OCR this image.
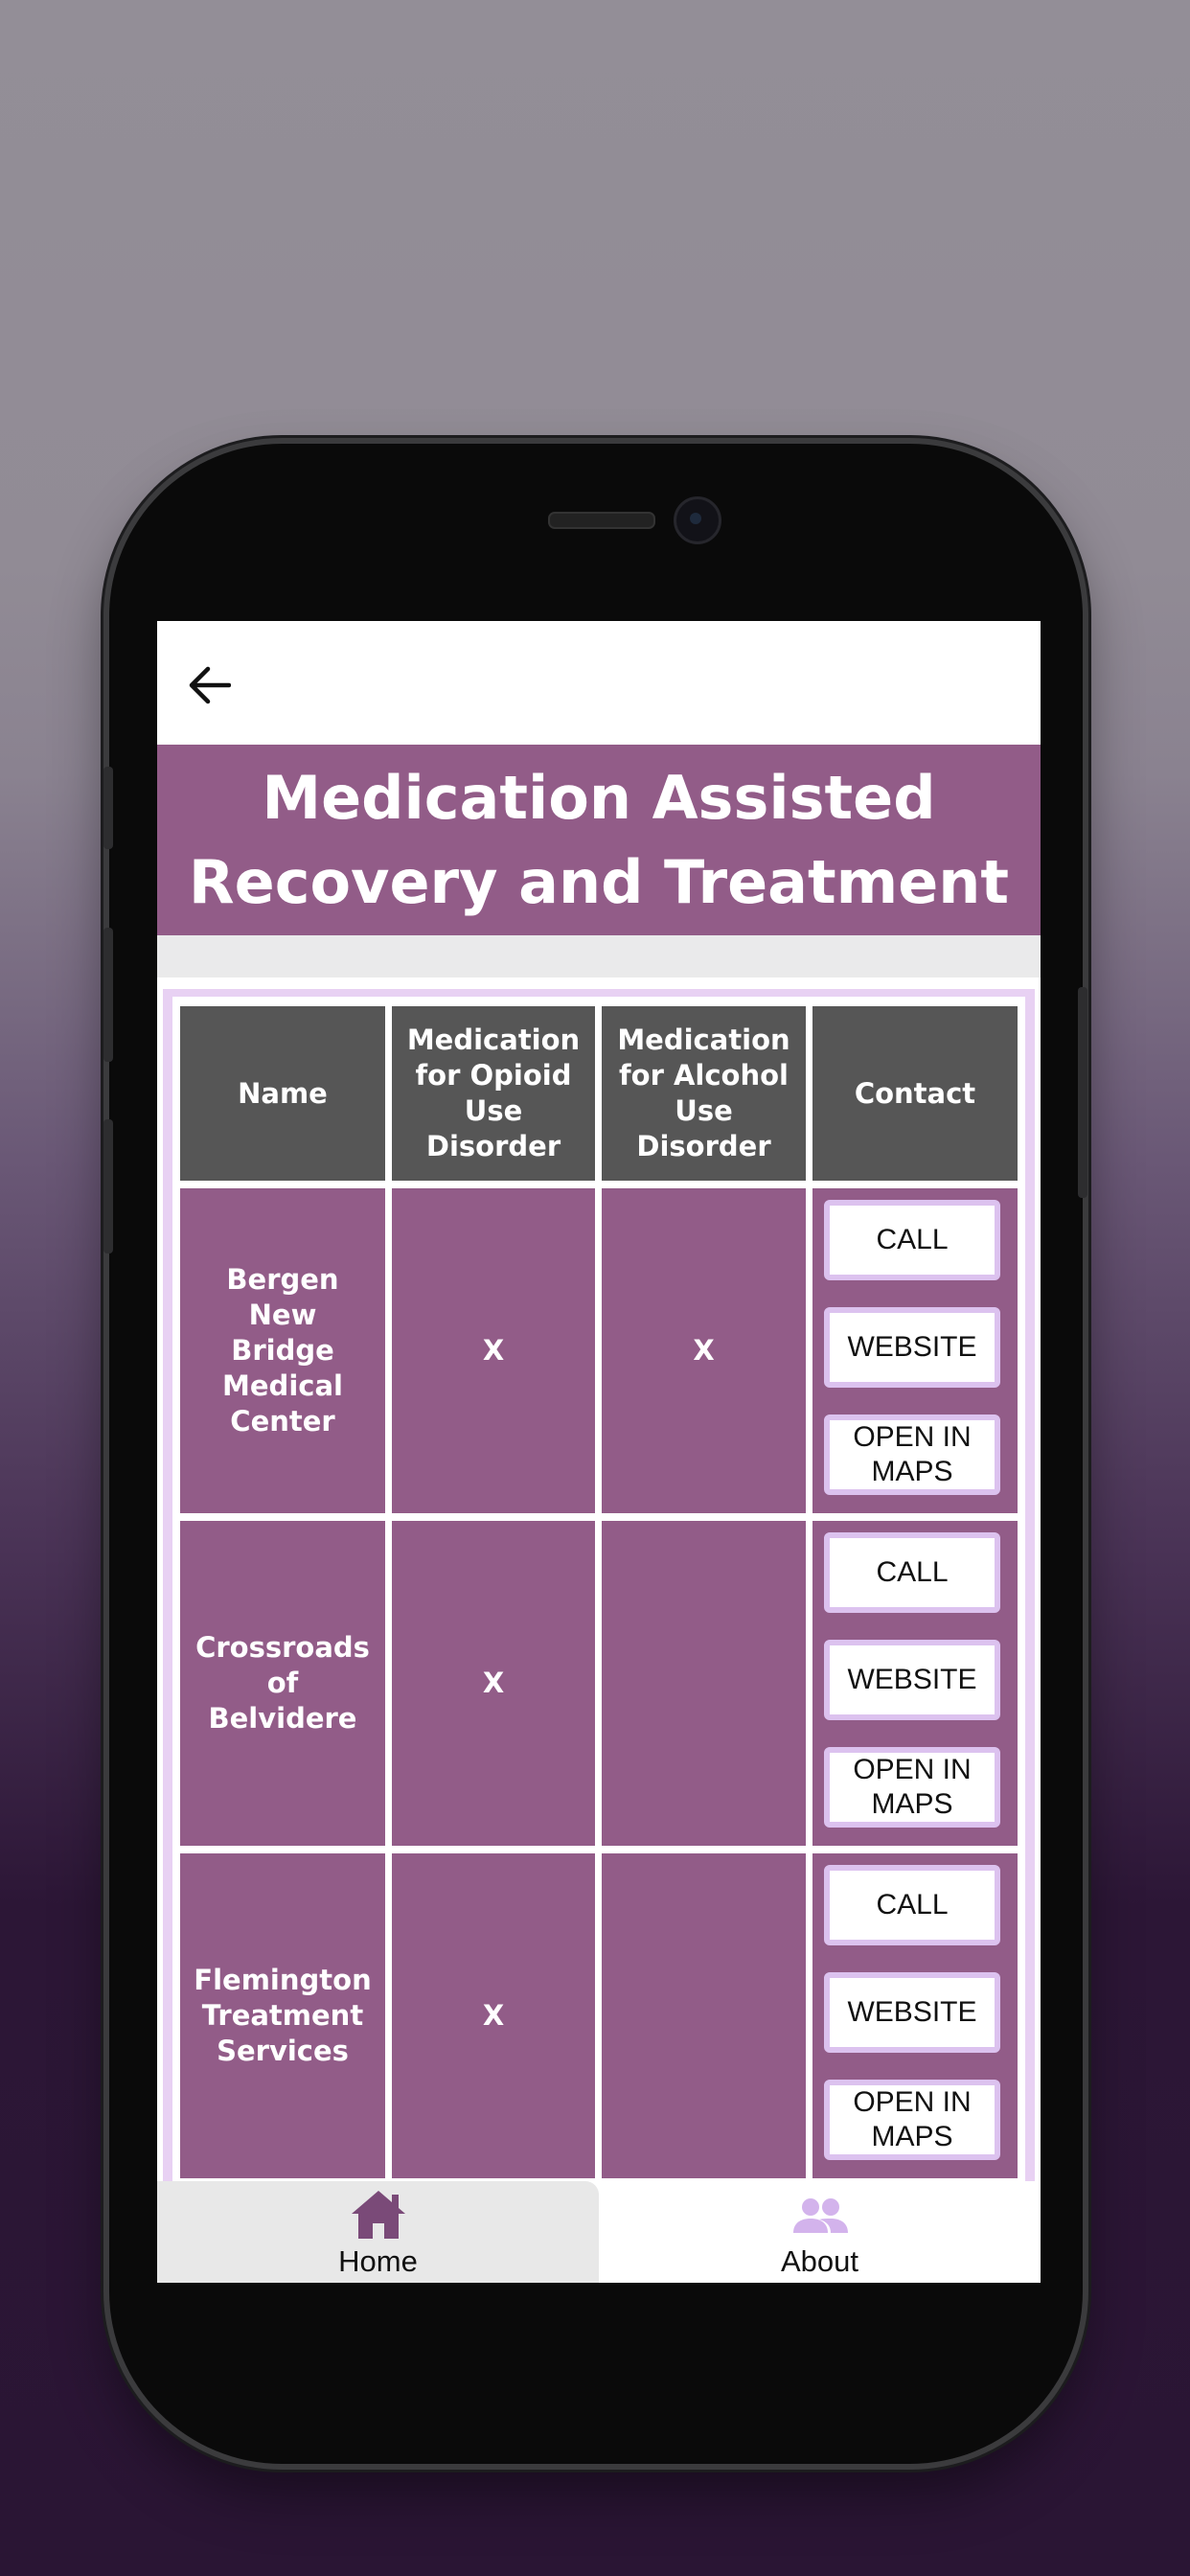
Medication Assisted
Recovery and Treatment
Name
Medication for Opioid Use Disorder
Medication for Alcohol Use Disorder
Contact
Bergen New Bridge Medical Center
X	X
CALL
WEBSITE
OPEN IN MAPS
Crossroads of Belvidere
X
CALL
WEBSITE
OPEN IN MAPS
Flemington Treatment Services
X
CALL
WEBSITE
OPEN IN MAPS
Home	About
